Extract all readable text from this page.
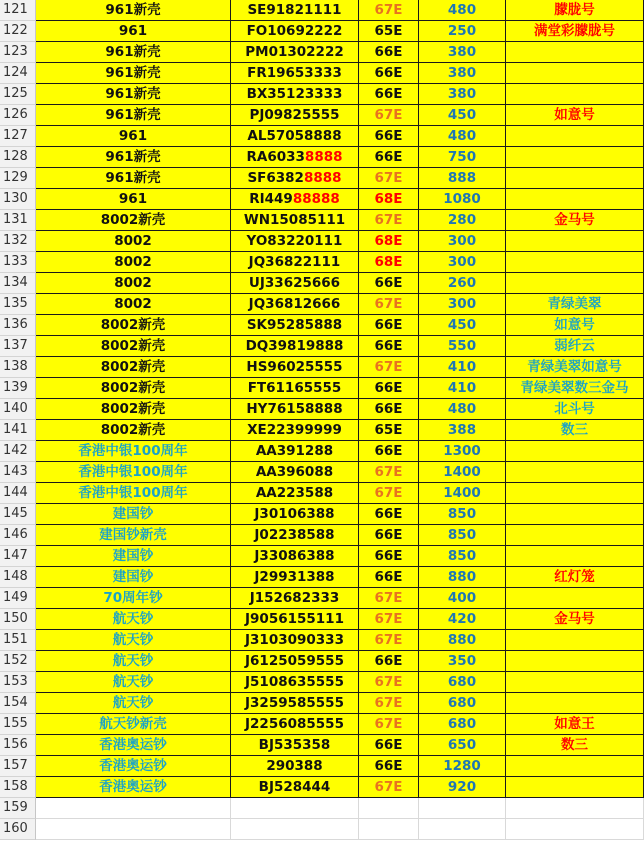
121	961新壳	SE91821111	67E	480	朦胧号
122	961	FO10692222	65E	250	满堂彩朦胧号
123	961新壳	PM01302222	66E	380
124	961新壳	FR19653333	66E	380
125	961新壳	BX35123333	66E	380
126	961新壳	PJ09825555	67E	450	如意号
127	961	AL57058888	66E	480
128	961新壳	RA60338888	66E	750
129	961新壳	SF63828888	67E	888
130	961	RI44988888	68E	1080
131	8002新壳	WN15085111	67E	280	金马号
132	8002	YO83220111	68E	300
133	8002	JQ36822111	68E	300
134	8002	UJ33625666	66E	260
135	8002	JQ36812666	67E	300	青绿美翠
136	8002新壳	SK95285888	66E	450	如意号
137	8002新壳	DQ39819888	66E	550	弱纤云
138	8002新壳	HS96025555	67E	410	青绿美翠如意号
139	8002新壳	FT61165555	66E	410	青绿美翠数三金马
140	8002新壳	HY76158888	66E	480	北斗号
141	8002新壳	XE22399999	65E	388	数三
142	香港中银100周年	AA391288	66E	1300
143	香港中银100周年	AA396088	67E	1400
144	香港中银100周年	AA223588	67E	1400
145	建国钞	J30106388	66E	850
146	建国钞新壳	J02238588	66E	850
147	建国钞	J33086388	66E	850
148	建国钞	J29931388	66E	880	红灯笼
149	70周年钞	J152682333	67E	400
150	航天钞	J9056155111	67E	420	金马号
151	航天钞	J3103090333	67E	880
152	航天钞	J6125059555	66E	350
153	航天钞	J5108635555	67E	680
154	航天钞	J3259585555	67E	680
155	航天钞新壳	J2256085555	67E	680	如意王
156	香港奥运钞	BJ535358	66E	650	数三
157	香港奥运钞	290388	66E	1280
158	香港奥运钞	BJ528444	67E	920
159
160
